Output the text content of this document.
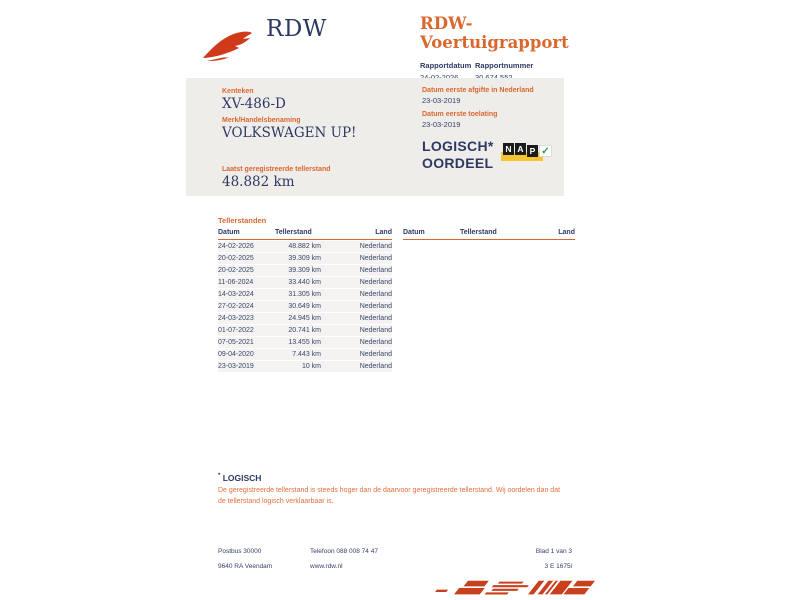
RDW	RDW-Voertuigrapport
Rapportdatum Rapportnummer
Kenteken
XV-486-D
Merk/Handelsbenaming
VOLKSWAGEN UP!
Laatst geregistreerde tellerstand
48.882 km
Datum eerste afgifte in Nederland
23-03-2019
Datum eerste toelating
23-03-2019
LOGISCH*
OORDEEL
N A P ✓
Tellerstanden
Datum	Tellerstand	Land
24-02-2026	48.882 km	Nederland
20-02-2025	39.309 km	Nederland
20-02-2025	39.309 km	Nederland
11-06-2024	33.440 km	Nederland
14-03-2024	31.305 km	Nederland
27-02-2024	30.649 km	Nederland
24-03-2023	24.945 km	Nederland
01-07-2022	20.741 km	Nederland
07-05-2021	13.455 km	Nederland
09-04-2020	7.443 km	Nederland
23-03-2019	10 km	Nederland
Datum	Tellerstand	Land
* LOGISCH
De geregistreerde tellerstand is steeds hoger dan de daarvoor geregistreerde tellerstand. Wij oordelen dan dat de tellerstand logisch verklaarbaar is.
Postbus 30000
9640 RA Veendam
Telefoon 088 008 74 47
www.rdw.nl
Blad 1 van 3
3 E 1675l
